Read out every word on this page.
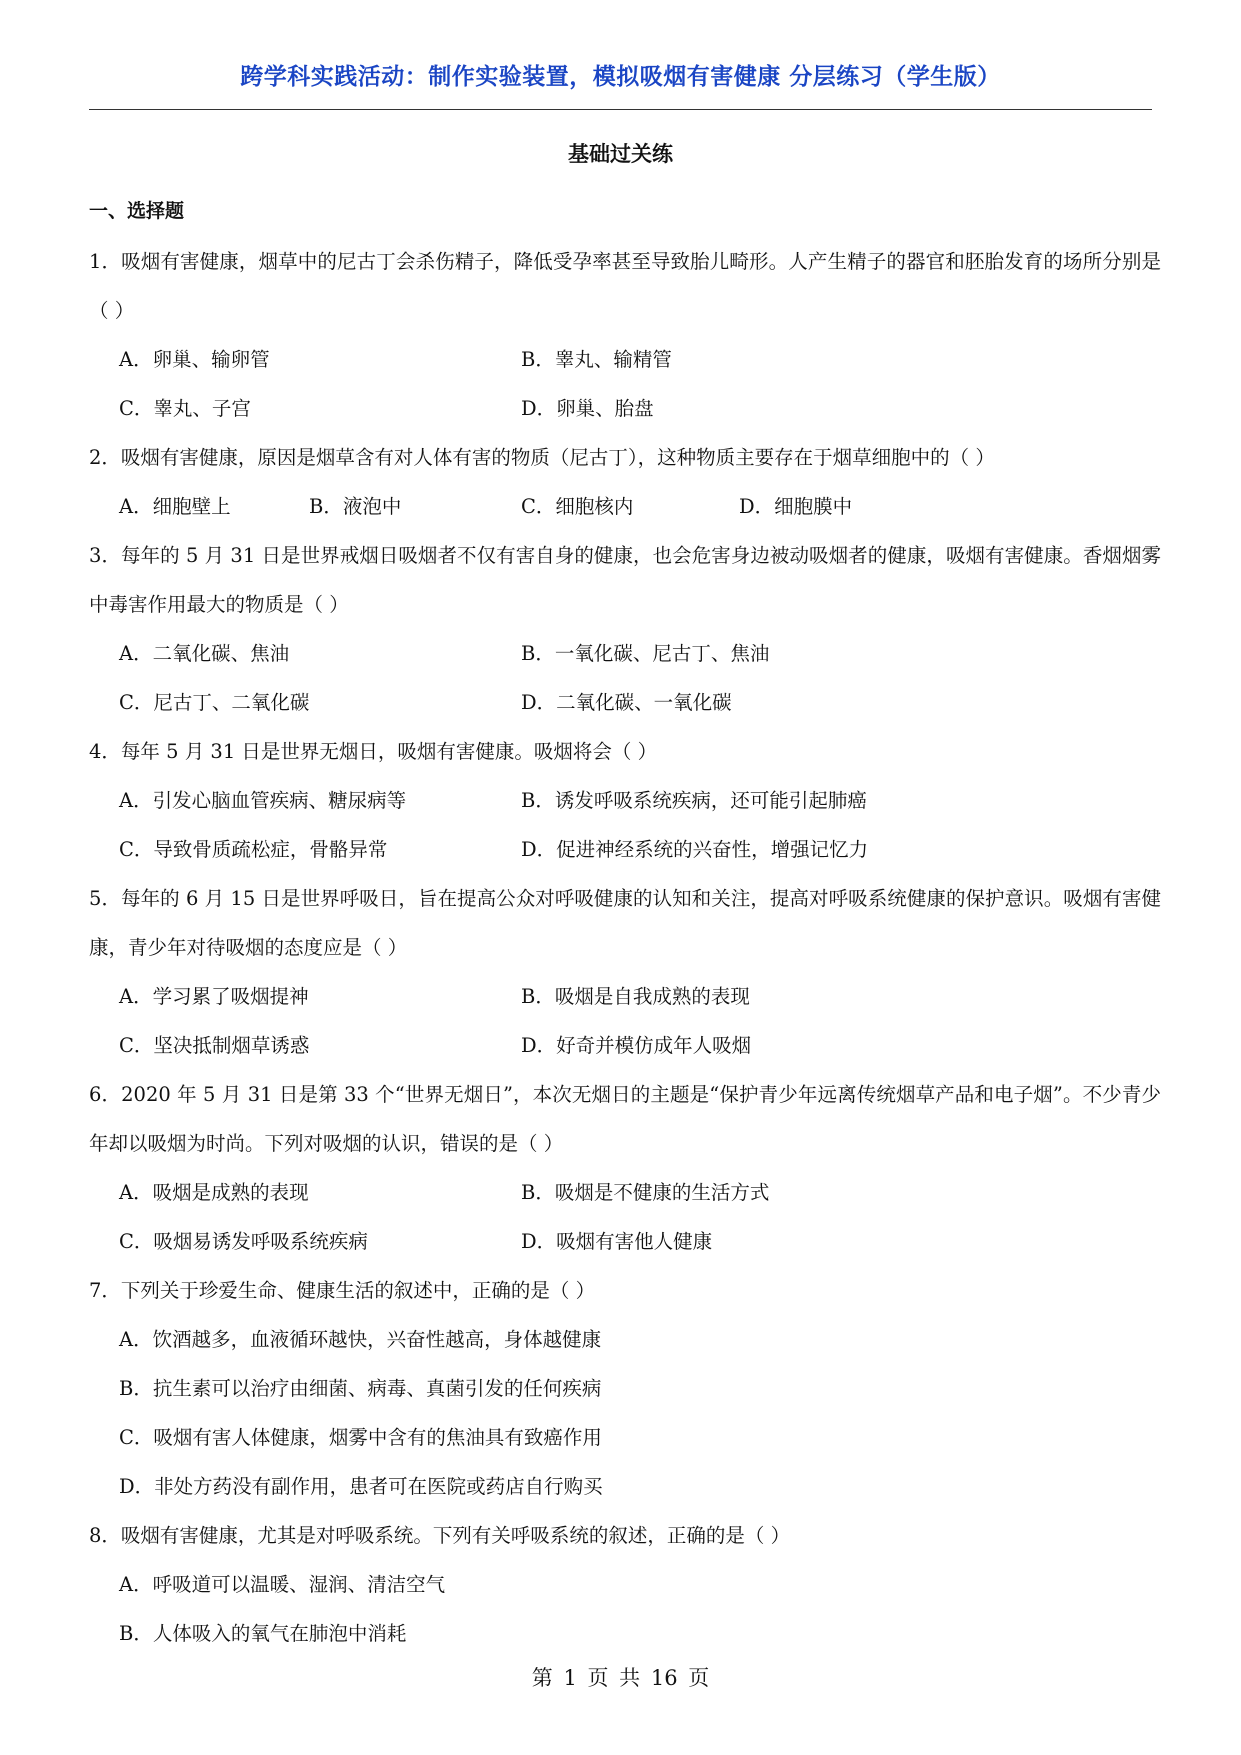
跨学科实践活动：制作实验装置，模拟吸烟有害健康 分层练习（学生版）
基础过关练
一、选择题

1．吸烟有害健康，烟草中的尼古丁会杀伤精子，降低受孕率甚至导致胎儿畸形。人产生精子的器官和胚胎发育的场所分别是（ ）

A．卵巢、输卵管	B．睾丸、输精管
C．睾丸、子宫	D．卵巢、胎盘

2．吸烟有害健康，原因是烟草含有对人体有害的物质（尼古丁），这种物质主要存在于烟草细胞中的（ ）

A．细胞壁上	B．液泡中	C．细胞核内	D．细胞膜中

3．每年的 5 月 31 日是世界戒烟日吸烟者不仅有害自身的健康，也会危害身边被动吸烟者的健康，吸烟有害健康。香烟烟雾中毒害作用最大的物质是（ ）

A．二氧化碳、焦油	B．一氧化碳、尼古丁、焦油
C．尼古丁、二氧化碳	D．二氧化碳、一氧化碳

4．每年 5 月 31 日是世界无烟日，吸烟有害健康。吸烟将会（ ）

A．引发心脑血管疾病、糖尿病等	B．诱发呼吸系统疾病，还可能引起肺癌
C．导致骨质疏松症，骨骼异常	D．促进神经系统的兴奋性，增强记忆力

5．每年的 6 月 15 日是世界呼吸日，旨在提高公众对呼吸健康的认知和关注，提高对呼吸系统健康的保护意识。吸烟有害健康，青少年对待吸烟的态度应是（ ）

A．学习累了吸烟提神	B．吸烟是自我成熟的表现
C．坚决抵制烟草诱惑	D．好奇并模仿成年人吸烟

6．2020 年 5 月 31 日是第 33 个“世界无烟日”，本次无烟日的主题是“保护青少年远离传统烟草产品和电子烟”。不少青少年却以吸烟为时尚。下列对吸烟的认识，错误的是（ ）

A．吸烟是成熟的表现	B．吸烟是不健康的生活方式
C．吸烟易诱发呼吸系统疾病	D．吸烟有害他人健康

7．下列关于珍爱生命、健康生活的叙述中，正确的是（ ）

A．饮酒越多，血液循环越快，兴奋性越高，身体越健康
B．抗生素可以治疗由细菌、病毒、真菌引发的任何疾病
C．吸烟有害人体健康，烟雾中含有的焦油具有致癌作用
D．非处方药没有副作用，患者可在医院或药店自行购买

8．吸烟有害健康，尤其是对呼吸系统。下列有关呼吸系统的叙述，正确的是（ ）

A．呼吸道可以温暖、湿润、清洁空气
B．人体吸入的氧气在肺泡中消耗
第 1 页 共 16 页
